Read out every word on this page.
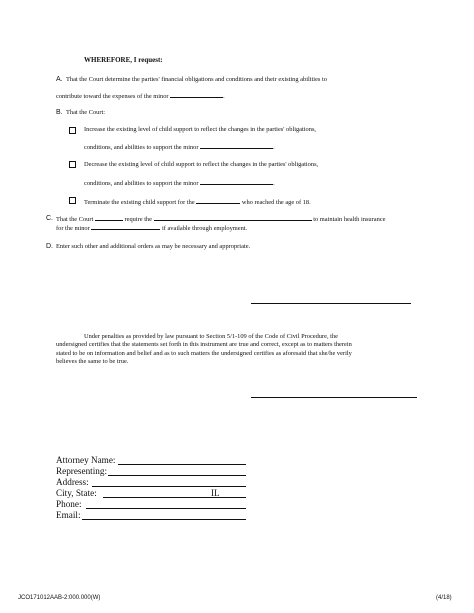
WHEREFORE, I request:
A. That the Court determine the parties' financial obligations and conditions and their existing abilities to
contribute toward the expenses of the minor	.
B. That the Court:
Increase the existing level of child support to reflect the changes in the parties' obligations,
conditions, and abilities to support the minor	.
Decrease the existing level of child support to reflect the changes in the parties' obligations,
conditions, and abilities to support the minor	.
Terminate the existing child support for the	who reached the age of 18.
C. That the Court	require the	to maintain health insurance
for the minor	if available through employment.
D. Enter such other and additional orders as may be necessary and appropriate.
Under penalties as provided by law pursuant to Section 5/1-109 of the Code of Civil Procedure, the
undersigned certifies that the statements set forth in this instrument are true and correct, except as to matters therein
stated to be on information and belief and as to such matters the undersigned certifies as aforesaid that she/he verily
believes the same to be true.
Attorney Name:
Representing:
Address:
City, State:	IL
Phone:
Email:
JCO171012AAB-2:000.000(W)	(4/18)
